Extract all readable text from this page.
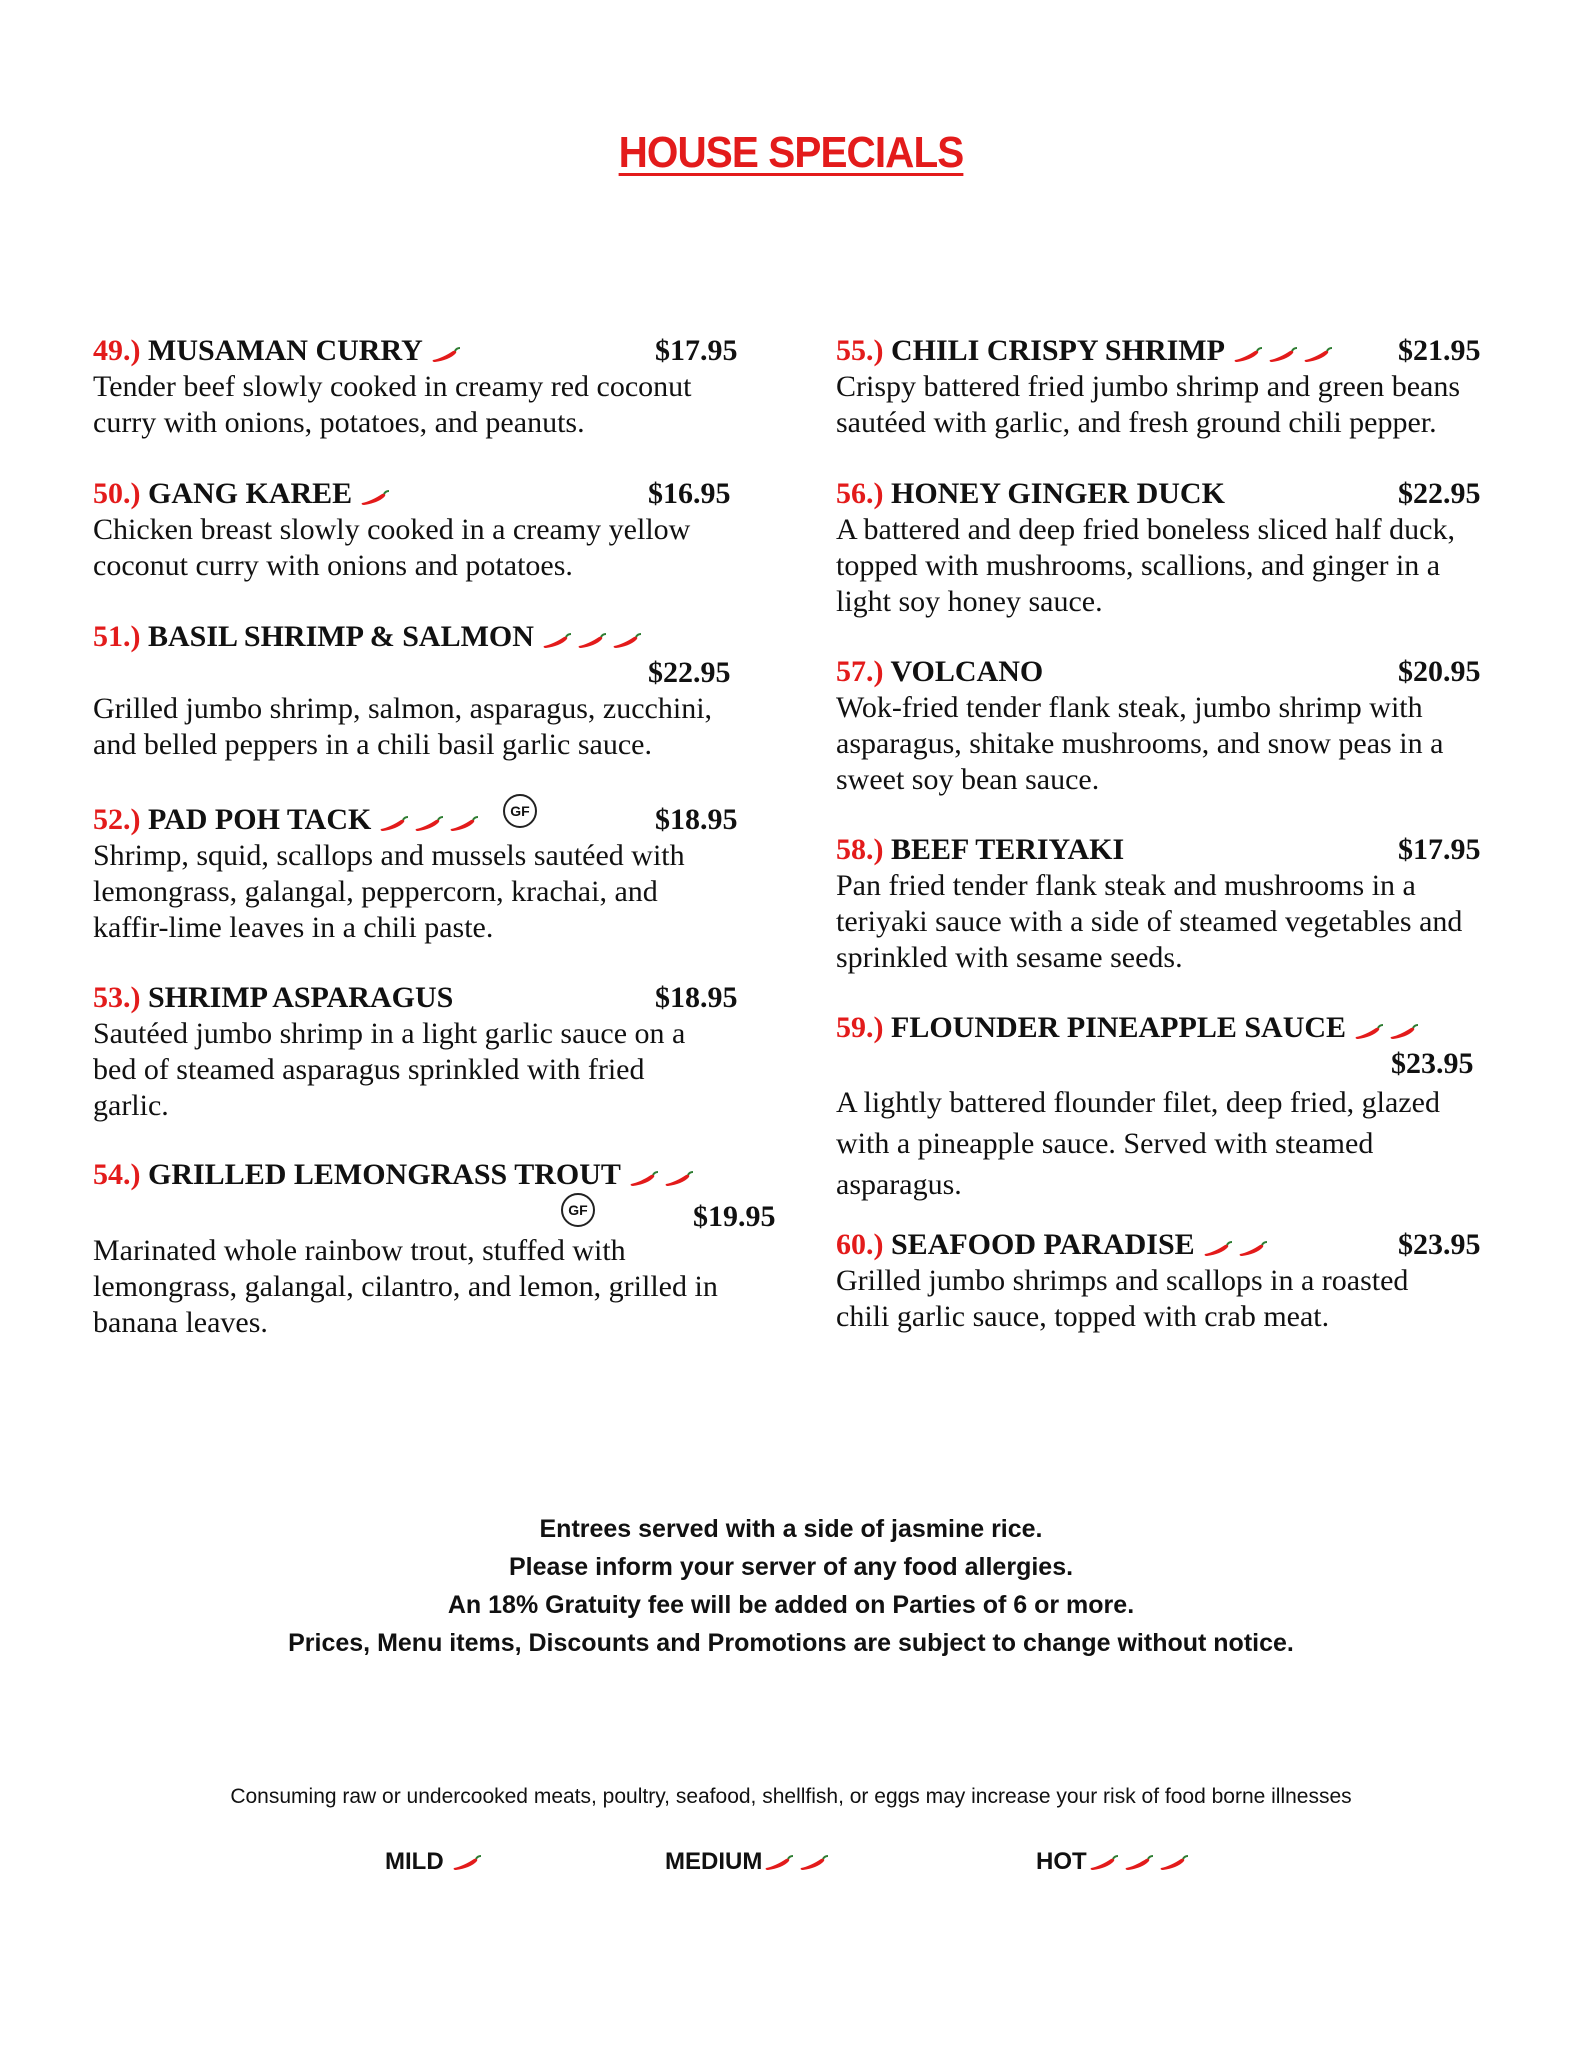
HOUSE SPECIALS
49.) MUSAMAN CURRY	$17.95
Tender beef slowly cooked in creamy red coconut
curry with onions, potatoes, and peanuts.
50.) GANG KAREE	$16.95
Chicken breast slowly cooked in a creamy yellow
coconut curry with onions and potatoes.
51.) BASIL SHRIMP & SALMON
$22.95
Grilled jumbo shrimp, salmon, asparagus, zucchini,
and belled peppers in a chili basil garlic sauce.
52.) PAD POH TACK	GF	$18.95
Shrimp, squid, scallops and mussels sautéed with
lemongrass, galangal, peppercorn, krachai, and
kaffir-lime leaves in a chili paste.
53.) SHRIMP ASPARAGUS	$18.95
Sautéed jumbo shrimp in a light garlic sauce on a
bed of steamed asparagus sprinkled with fried
garlic.
54.) GRILLED LEMONGRASS TROUT
GF	$19.95
Marinated whole rainbow trout, stuffed with
lemongrass, galangal, cilantro, and lemon, grilled in
banana leaves.
55.) CHILI CRISPY SHRIMP	$21.95
Crispy battered fried jumbo shrimp and green beans
sautéed with garlic, and fresh ground chili pepper.
56.) HONEY GINGER DUCK	$22.95
A battered and deep fried boneless sliced half duck,
topped with mushrooms, scallions, and ginger in a
light soy honey sauce.
57.) VOLCANO	$20.95
Wok-fried tender flank steak, jumbo shrimp with
asparagus, shitake mushrooms, and snow peas in a
sweet soy bean sauce.
58.) BEEF TERIYAKI	$17.95
Pan fried tender flank steak and mushrooms in a
teriyaki sauce with a side of steamed vegetables and
sprinkled with sesame seeds.
59.) FLOUNDER PINEAPPLE SAUCE
$23.95
A lightly battered flounder filet, deep fried, glazed
with a pineapple sauce. Served with steamed
asparagus.
60.) SEAFOOD PARADISE	$23.95
Grilled jumbo shrimps and scallops in a roasted
chili garlic sauce, topped with crab meat.
Entrees served with a side of jasmine rice.
Please inform your server of any food allergies.
An 18% Gratuity fee will be added on Parties of 6 or more.
Prices, Menu items, Discounts and Promotions are subject to change without notice.
Consuming raw or undercooked meats, poultry, seafood, shellfish, or eggs may increase your risk of food borne illnesses
MILD	MEDIUM	HOT
